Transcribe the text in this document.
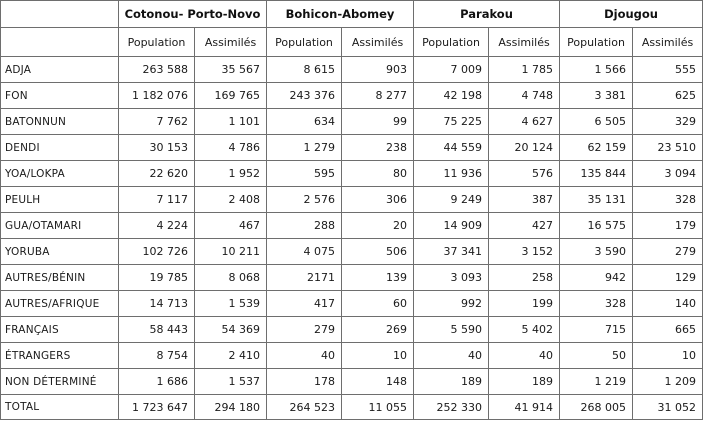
	Cotonou- Porto-Novo		Bohicon-Abomey		Parakou		Djougou	
	Population	Assimilés	Population	Assimilés	Population	Assimilés	Population	Assimilés
ADJA	263 588	35 567	8 615	903	7 009	1 785	1 566	555
FON	1 182 076	169 765	243 376	8 277	42 198	4 748	3 381	625
BATONNUN	7 762	1 101	634	99	75 225	4 627	6 505	329
DENDI	30 153	4 786	1 279	238	44 559	20 124	62 159	23 510
YOA/LOKPA	22 620	1 952	595	80	11 936	576	135 844	3 094
PEULH	7 117	2 408	2 576	306	9 249	387	35 131	328
GUA/OTAMARI	4 224	467	288	20	14 909	427	16 575	179
YORUBA	102 726	10 211	4 075	506	37 341	3 152	3 590	279
AUTRES/BÉNIN	19 785	8 068	2171	139	3 093	258	942	129
AUTRES/AFRIQUE	14 713	1 539	417	60	992	199	328	140
FRANÇAIS	58 443	54 369	279	269	5 590	5 402	715	665
ÉTRANGERS	8 754	2 410	40	10	40	40	50	10
NON DÉTERMINÉ	1 686	1 537	178	148	189	189	1 219	1 209
TOTAL	1 723 647	294 180	264 523	11 055	252 330	41 914	268 005	31 052
